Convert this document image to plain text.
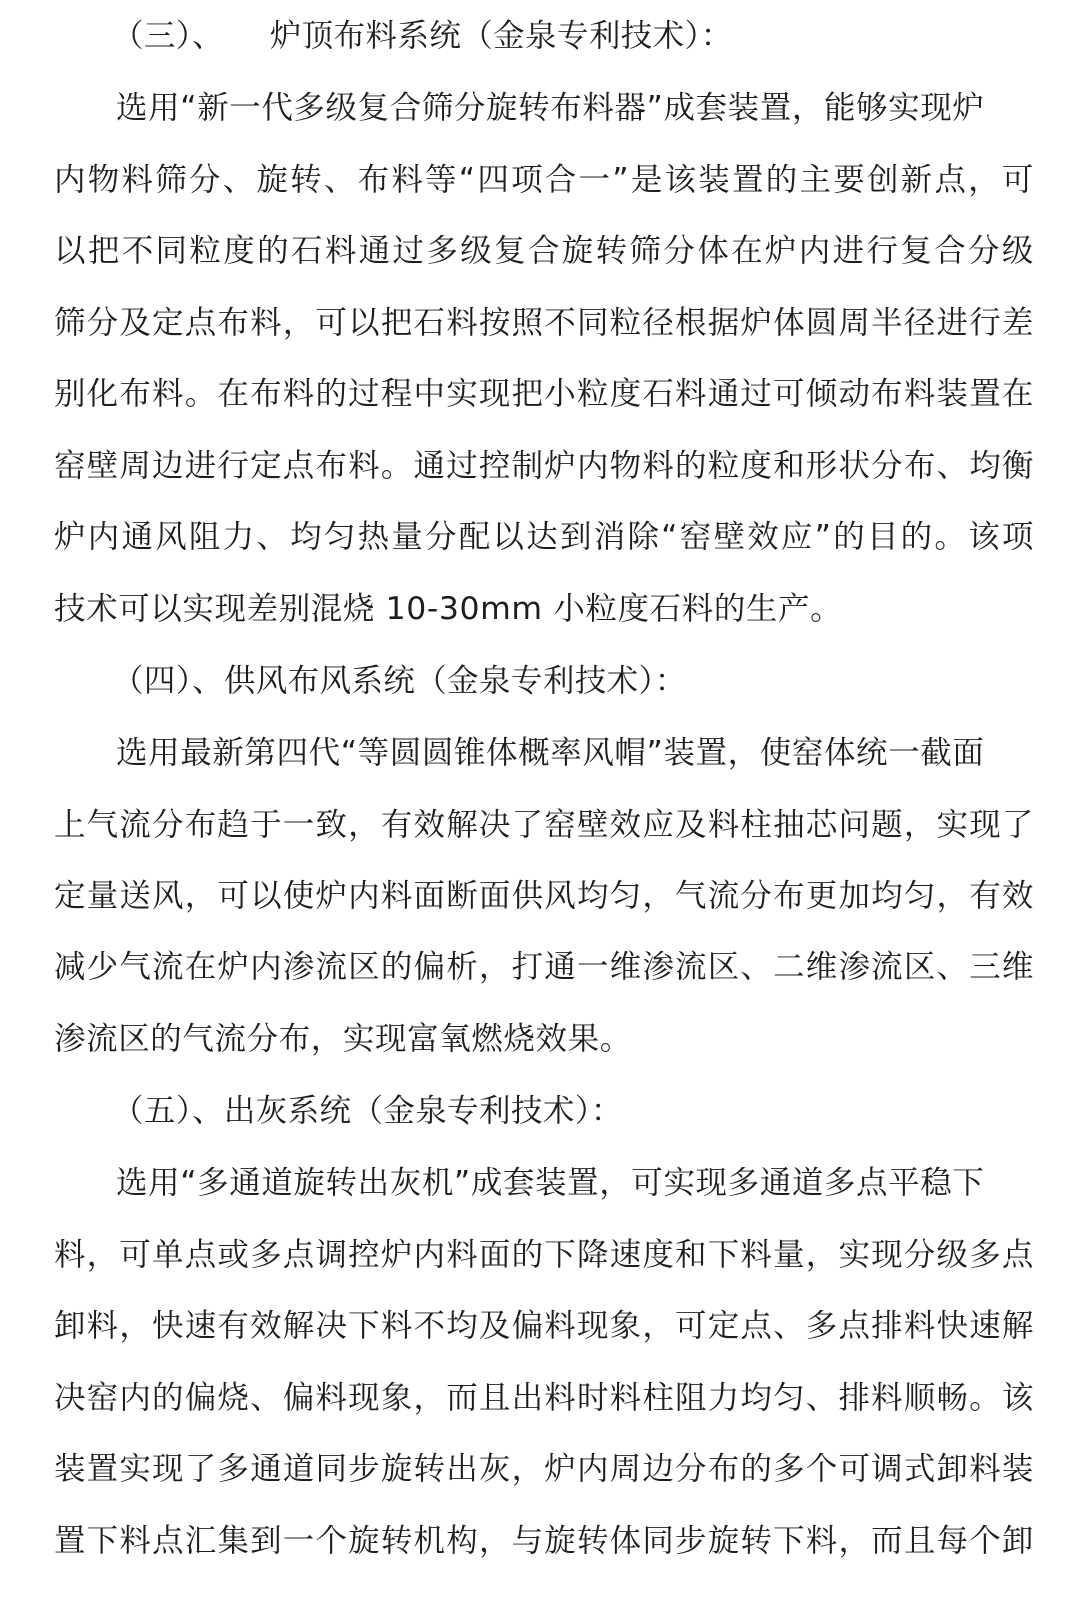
（三）、 炉顶布料系统（金泉专利技术）：

选用“新一代多级复合筛分旋转布料器”成套装置，能够实现炉

内物料筛分、旋转、布料等“四项合一”是该装置的主要创新点，可

以把不同粒度的石料通过多级复合旋转筛分体在炉内进行复合分级

筛分及定点布料，可以把石料按照不同粒径根据炉体圆周半径进行差

别化布料。在布料的过程中实现把小粒度石料通过可倾动布料装置在

窑壁周边进行定点布料。通过控制炉内物料的粒度和形状分布、均衡

炉内通风阻力、均匀热量分配以达到消除“窑壁效应”的目的。该项

技术可以实现差别混烧 10-30mm 小粒度石料的生产。

（四）、供风布风系统（金泉专利技术）：

选用最新第四代“等圆圆锥体概率风帽”装置，使窑体统一截面

上气流分布趋于一致，有效解决了窑壁效应及料柱抽芯问题，实现了

定量送风，可以使炉内料面断面供风均匀，气流分布更加均匀，有效

减少气流在炉内渗流区的偏析，打通一维渗流区、二维渗流区、三维

渗流区的气流分布，实现富氧燃烧效果。

（五）、出灰系统（金泉专利技术）：

选用“多通道旋转出灰机”成套装置，可实现多通道多点平稳下

料，可单点或多点调控炉内料面的下降速度和下料量，实现分级多点

卸料，快速有效解决下料不均及偏料现象，可定点、多点排料快速解

决窑内的偏烧、偏料现象，而且出料时料柱阻力均匀、排料顺畅。该

装置实现了多通道同步旋转出灰，炉内周边分布的多个可调式卸料装

置下料点汇集到一个旋转机构，与旋转体同步旋转下料，而且每个卸
